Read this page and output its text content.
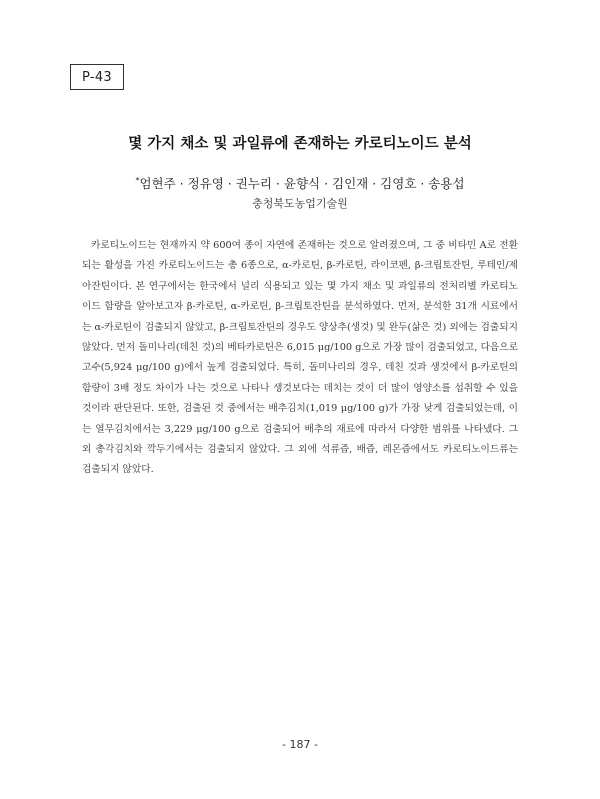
P-43
몇 가지 채소 및 과일류에 존재하는 카로티노이드 분석
*엄현주 · 정유영 · 권누리 · 윤향식 · 김인재 · 김영호 · 송용섭
충청북도농업기술원

카로티노이드는 현재까지 약 600여 종이 자연에 존재하는 것으로 알려졌으며, 그 중 비타민 A로 전환되는 활성을 가진 카로티노이드는 총 6종으로, α-카로틴, β-카로틴, 라이코펜, β-크립토잔틴, 루테인/제아잔틴이다. 본 연구에서는 한국에서 널리 식용되고 있는 몇 가지 채소 및 과일류의 전처리별 카로티노이드 함량을 알아보고자 β-카로틴, α-카로틴, β-크립토잔틴을 분석하였다. 먼저, 분석한 31개 시료에서는 α-카로틴이 검출되지 않았고, β-크립토잔틴의 경우도 양상추(생것) 및 완두(삶은 것) 외에는 검출되지 않았다. 먼저 돌미나리(데친 것)의 베타카로틴은 6,015 μg/100 g으로 가장 많이 검출되었고, 다음으로 고수(5,924 μg/100 g)에서 높게 검출되었다. 특히, 돌미나리의 경우, 데친 것과 생것에서 β-카로틴의 함량이 3배 정도 차이가 나는 것으로 나타나 생것보다는 데치는 것이 더 많이 영양소를 섭취할 수 있을 것이라 판단된다. 또한, 검출된 것 중에서는 배추김치(1,019 μg/100 g)가 가장 낮게 검출되었는데, 이는 열무김치에서는 3,229 μg/100 g으로 검출되어 배추의 재료에 따라서 다양한 범위를 나타냈다. 그 외 총각김치와 깍두기에서는 검출되지 않았다. 그 외에 석류즙, 배즙, 레몬즙에서도 카로티노이드류는 검출되지 않았다.

- 187 -
